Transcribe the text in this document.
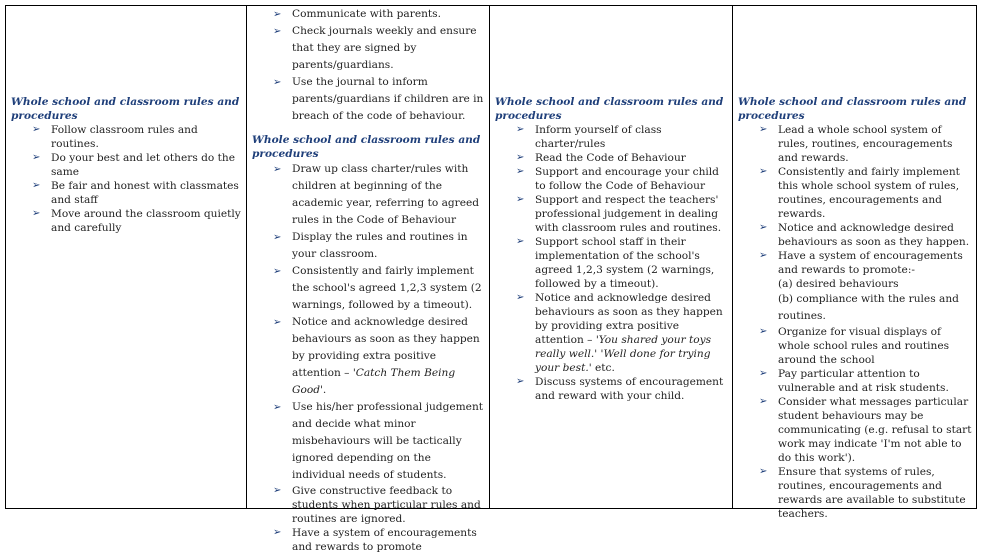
Whole school and classroom rules and procedures

➢ Follow classroom rules and routines.
➢ Do your best and let others do the same
➢ Be fair and honest with classmates and staff
➢ Move around the classroom quietly and carefully
➢ Communicate with parents.
➢ Check journals weekly and ensure that they are signed by parents/guardians.
➢ Use the journal to inform parents/guardians if children are in breach of the code of behaviour.

Whole school and classroom rules and procedures

➢ Draw up class charter/rules with children at beginning of the academic year, referring to agreed rules in the Code of Behaviour
➢ Display the rules and routines in your classroom.
➢ Consistently and fairly implement the school's agreed 1,2,3 system (2 warnings, followed by a timeout).
➢ Notice and acknowledge desired behaviours as soon as they happen by providing extra positive attention – 'Catch Them Being Good'.
➢ Use his/her professional judgement and decide what minor misbehaviours will be tactically ignored depending on the individual needs of students.
➢ Give constructive feedback to students when particular rules and routines are ignored.
➢ Have a system of encouragements and rewards to promote

Whole school and classroom rules and procedures

➢ Inform yourself of class charter/rules
➢ Read the Code of Behaviour
➢ Support and encourage your child to follow the Code of Behaviour
➢ Support and respect the teachers' professional judgement in dealing with classroom rules and routines.
➢ Support school staff in their implementation of the school's agreed 1,2,3 system (2 warnings, followed by a timeout).
➢ Notice and acknowledge desired behaviours as soon as they happen by providing extra positive attention – 'You shared your toys really well.' 'Well done for trying your best.' etc.
➢ Discuss systems of encouragement and reward with your child.

Whole school and classroom rules and procedures

➢ Lead a whole school system of rules, routines, encouragements and rewards.
➢ Consistently and fairly implement this whole school system of rules, routines, encouragements and rewards.
➢ Notice and acknowledge desired behaviours as soon as they happen.
➢ Have a system of encouragements and rewards to promote:-
(a) desired behaviours
(b) compliance with the rules and routines.
➢ Organize for visual displays of whole school rules and routines around the school
➢ Pay particular attention to vulnerable and at risk students.
➢ Consider what messages particular student behaviours may be communicating (e.g. refusal to start work may indicate 'I'm not able to do this work').
➢ Ensure that systems of rules, routines, encouragements and rewards are available to substitute teachers.
